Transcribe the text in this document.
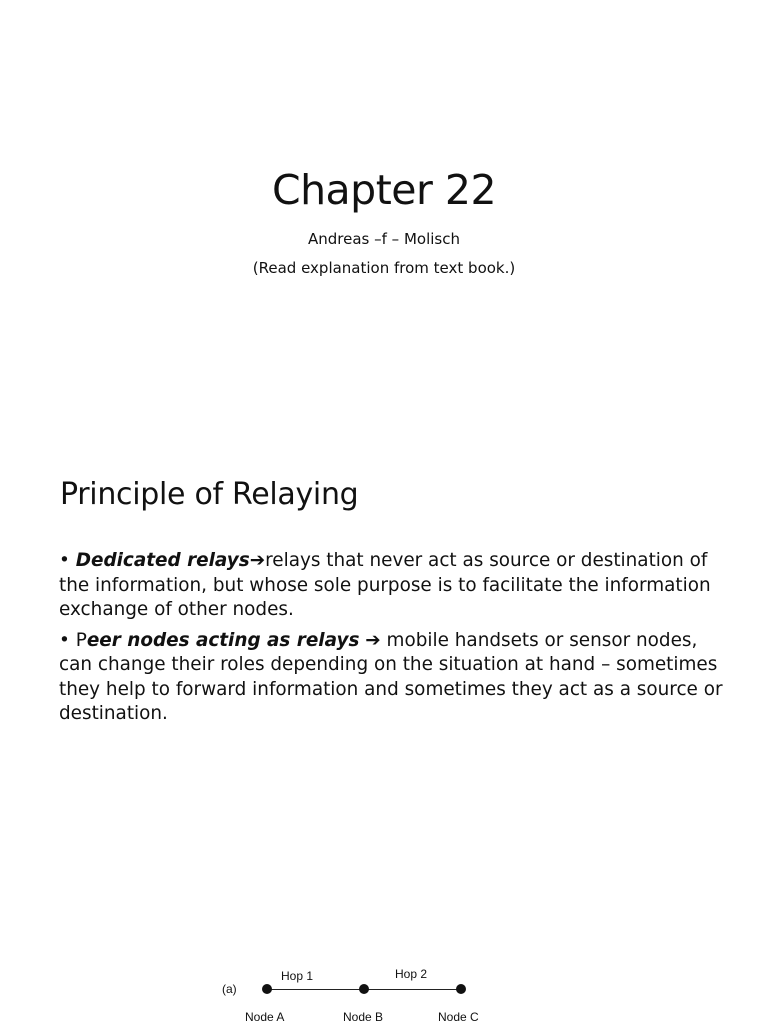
Chapter 22

Andreas –f – Molisch

(Read explanation from text book.)

Principle of Relaying
• Dedicated relays➔relays that never act as source or destination of the information, but whose sole purpose is to facilitate the information exchange of other nodes.
• Peer nodes acting as relays ➔ mobile handsets or sensor nodes, can change their roles depending on the situation at hand – sometimes they help to forward information and sometimes they act as a source or destination.
(a)
Hop 1	Hop 2
Node A	Node B	Node C
